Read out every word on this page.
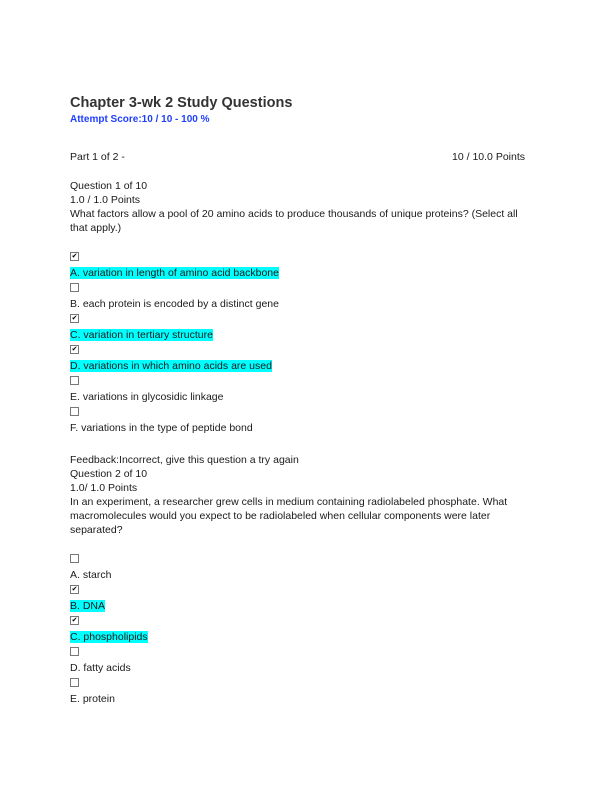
Chapter 3-wk 2 Study Questions
Attempt Score:10 / 10 - 100 %
Part 1 of 2 -	10 / 10.0 Points
Question 1 of 10
1.0 / 1.0 Points
What factors allow a pool of 20 amino acids to produce thousands of unique proteins? (Select all that apply.)
✔
A. variation in length of amino acid backbone
B. each protein is encoded by a distinct gene
✔
C. variation in tertiary structure
✔
D. variations in which amino acids are used
E. variations in glycosidic linkage
F. variations in the type of peptide bond
Feedback:Incorrect, give this question a try again
Question 2 of 10
1.0/ 1.0 Points
In an experiment, a researcher grew cells in medium containing radiolabeled phosphate. What macromolecules would you expect to be radiolabeled when cellular components were later separated?
A. starch
✔
B. DNA
✔
C. phospholipids
D. fatty acids
E. protein
